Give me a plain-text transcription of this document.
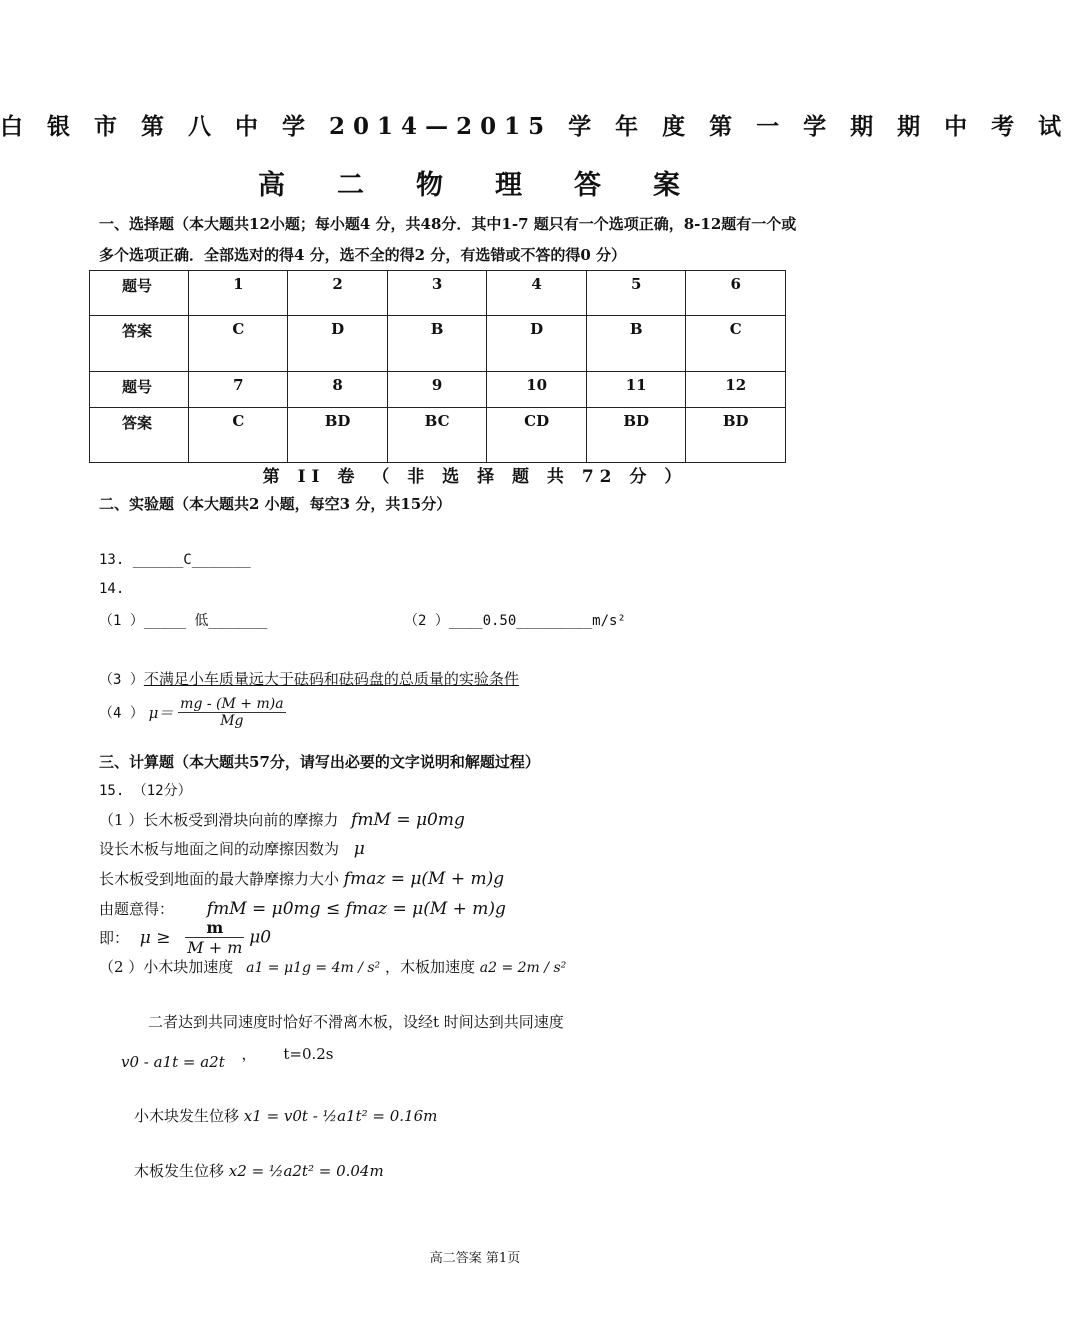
白 银 市 第 八 中 学 2014—2015 学 年 度 第 一 学 期 期 中 考 试
高二物理答案
一、选择题（本大题共12小题；每小题4 分，共48分．其中1-7 题只有一个选项正确，8-12题有一个或
多个选项正确．全部选对的得4 分，选不全的得2 分，有选错或不答的得0 分）
题号	1	2	3	4	5	6
答案	C	D	B	D	B	C
题号	7	8	9	10	11	12
答案	C	BD	BC	CD	BD	BD
第 II 卷 （ 非 选 择 题 共 72 分 ）
二、实验题（本大题共2 小题，每空3 分，共15分）
13. ______C_______
14.
（1 ）_____ 低_______	（2 ）____0.50_________m/s²
（3 ）不满足小车质量远大于砝码和砝码盘的总质量的实验条件
（4 ） $\mu= \frac{mg - (M + m)a}{Mg}$
三、计算题（本大题共57分，请写出必要的文字说明和解题过程）
15. （12分）
（1 ）长木板受到滑块向前的摩擦力 fmM = μ0mg
设长木板与地面之间的动摩擦因数为 μ
长木板受到地面的最大静摩擦力大小 fmaz = μ(M + m)g
由题意得： fmM = μ0mg ≤ fmaz = μ(M + m)g
即： $\mu \ge \frac{m}{M + m} \mu 0$
（2 ）小木块加速度 a1 = μ1g = 4m / s² ，木板加速度 a2 = 2m / s²
二者达到共同速度时恰好不滑离木板，设经t 时间达到共同速度
v0 - a1t = a2t ， t=0.2s
小木块发生位移 x1 = v0t - ½a1t² = 0.16m
木板发生位移 x2 = ½a2t² = 0.04m
高二答案 第1页
